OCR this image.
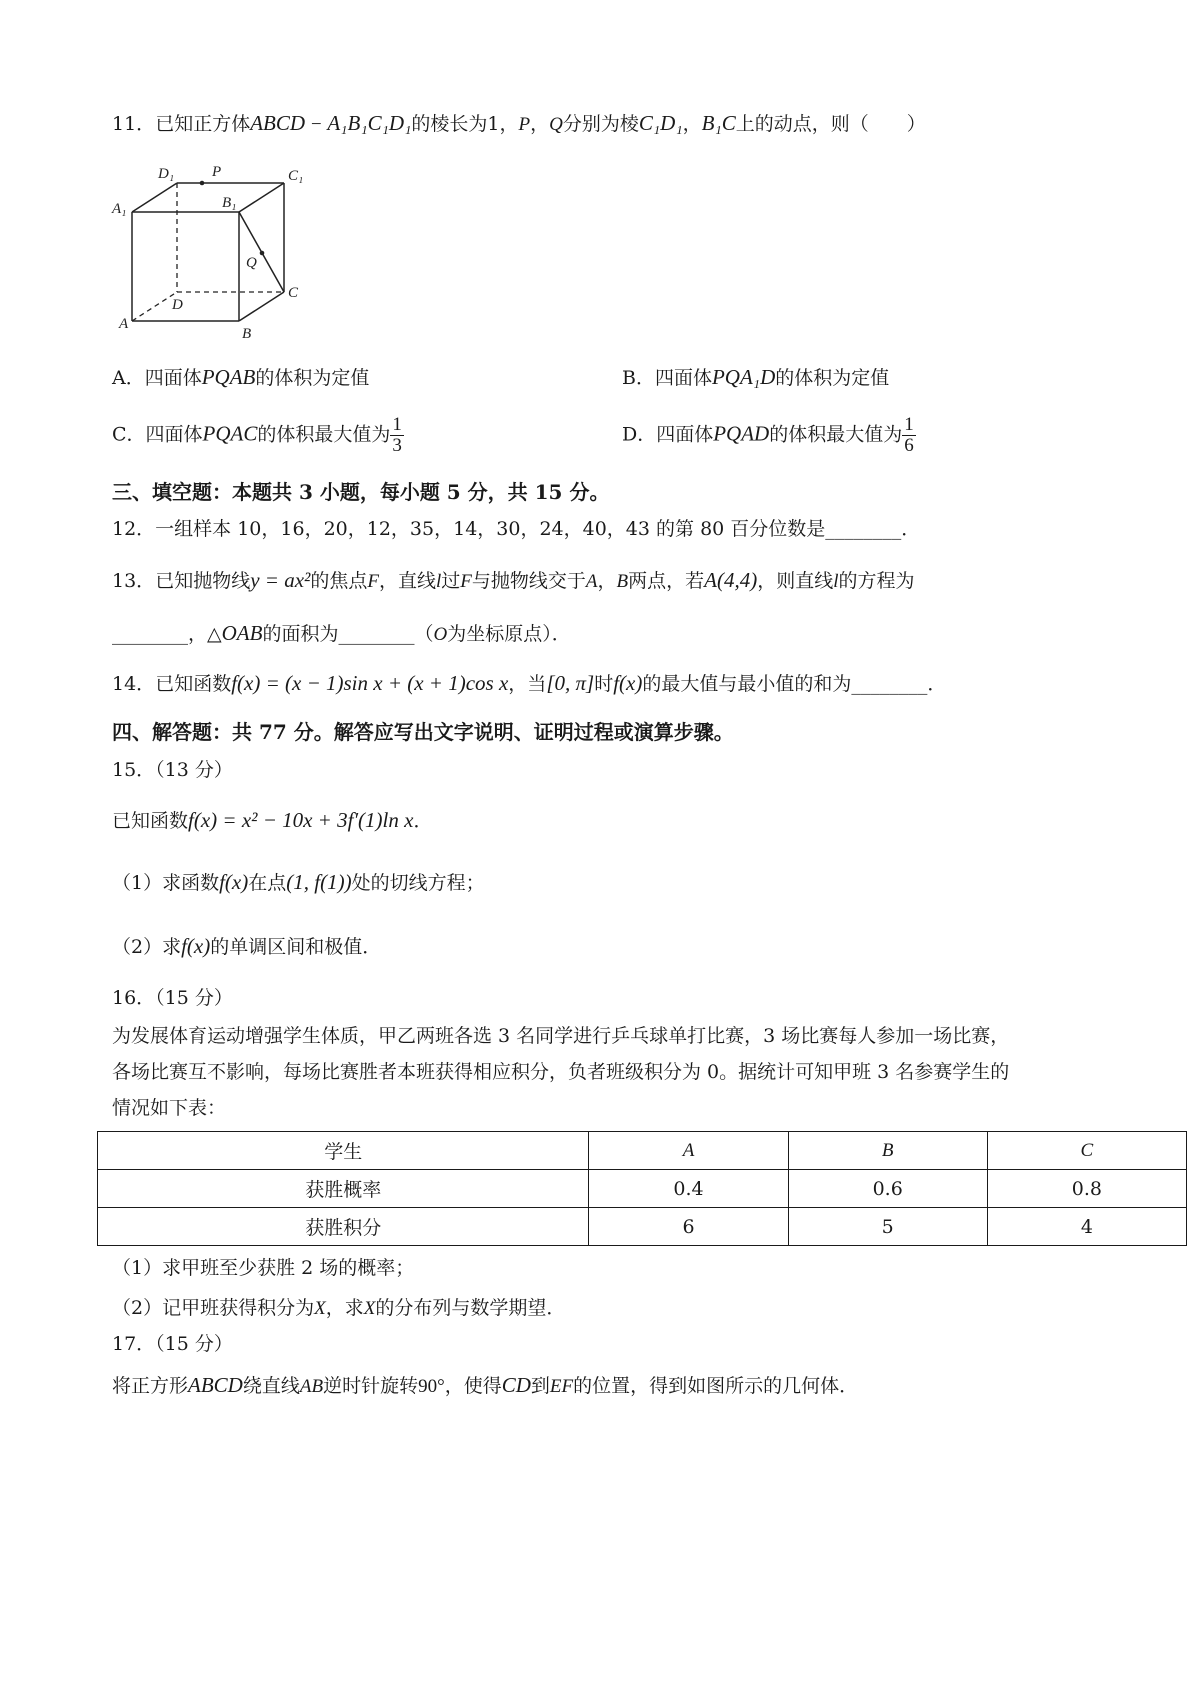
11．已知正方体ABCD − A₁B₁C₁D₁的棱长为1，P，Q分别为棱C₁D₁，B₁C上的动点，则（　　）
D₁	P	C₁
A₁	B₁
Q
D
C
A
B
A．四面体PQAB的体积为定值	B．四面体PQA₁D的体积为定值
C．四面体PQAC的体积最大值为 $\frac{1}{3}$	D．四面体PQAD的体积最大值为 $\frac{1}{6}$
三、填空题：本题共 3 小题，每小题 5 分，共 15 分。
12．一组样本 10，16，20，12，35，14，30，24，40，43 的第 80 百分位数是________．
13．已知抛物线y = ax²的焦点F，直线l过F与抛物线交于A，B两点，若A(4,4)，则直线l的方程为
________，△OAB的面积为________（O为坐标原点）．
14．已知函数f(x) = (x − 1)sin x + (x + 1)cos x，当[0, π]时f(x)的最大值与最小值的和为________．
四、解答题：共 77 分。解答应写出文字说明、证明过程或演算步骤。
15．（13 分）
已知函数f(x) = x² − 10x + 3f′(1)ln x．
（1）求函数f(x)在点(1, f(1))处的切线方程；
（2）求f(x)的单调区间和极值．
16．（15 分）
为发展体育运动增强学生体质，甲乙两班各选 3 名同学进行乒乓球单打比赛，3 场比赛每人参加一场比赛，
各场比赛互不影响，每场比赛胜者本班获得相应积分，负者班级积分为 0。据统计可知甲班 3 名参赛学生的
情况如下表：
学生	A	B	C
获胜概率	0.4	0.6	0.8
获胜积分	6	5	4
（1）求甲班至少获胜 2 场的概率；
（2）记甲班获得积分为X，求X的分布列与数学期望．
17．（15 分）
将正方形ABCD绕直线AB逆时针旋转90°，使得CD到EF的位置，得到如图所示的几何体．
